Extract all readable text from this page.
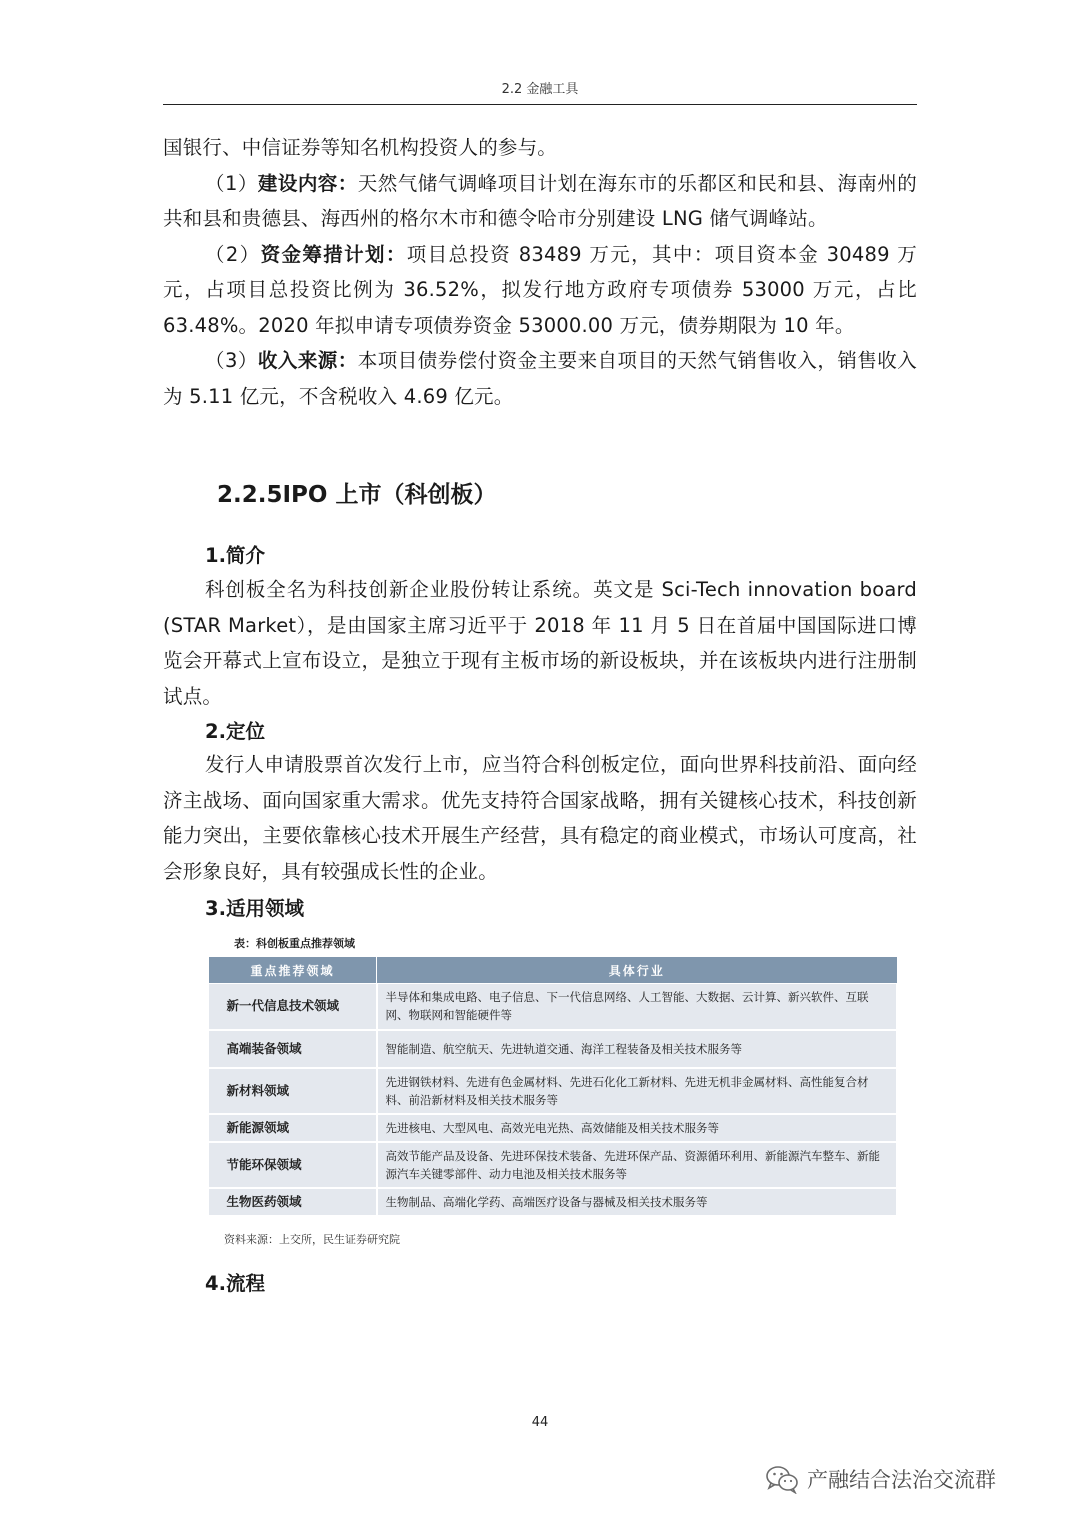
2.2 金融工具

国银行、中信证券等知名机构投资人的参与。

（1）建设内容：天然气储气调峰项目计划在海东市的乐都区和民和县、海南州的共和县和贵德县、海西州的格尔木市和德令哈市分别建设 LNG 储气调峰站。

（2）资金筹措计划：项目总投资 83489 万元，其中：项目资本金 30489 万元，占项目总投资比例为 36.52%，拟发行地方政府专项债券 53000 万元，占比 63.48%。2020 年拟申请专项债券资金 53000.00 万元，债券期限为 10 年。

（3）收入来源：本项目债券偿付资金主要来自项目的天然气销售收入，销售收入为 5.11 亿元，不含税收入 4.69 亿元。

2.2.5IPO 上市（科创板）
1.简介

科创板全名为科技创新企业股份转让系统。英文是 Sci-Tech innovation board (STAR Market），是由国家主席习近平于 2018 年 11 月 5 日在首届中国国际进口博览会开幕式上宣布设立，是独立于现有主板市场的新设板块，并在该板块内进行注册制试点。

2.定位

发行人申请股票首次发行上市，应当符合科创板定位，面向世界科技前沿、面向经济主战场、面向国家重大需求。优先支持符合国家战略，拥有关键核心技术，科技创新能力突出，主要依靠核心技术开展生产经营，具有稳定的商业模式，市场认可度高，社会形象良好，具有较强成长性的企业。

3.适用领域
表：科创板重点推荐领域
重点推荐领域	具体行业
新一代信息技术领域	半导体和集成电路、电子信息、下一代信息网络、人工智能、大数据、云计算、新兴软件、互联网、物联网和智能硬件等
高端装备领域	智能制造、航空航天、先进轨道交通、海洋工程装备及相关技术服务等
新材料领域	先进钢铁材料、先进有色金属材料、先进石化化工新材料、先进无机非金属材料、高性能复合材料、前沿新材料及相关技术服务等
新能源领域	先进核电、大型风电、高效光电光热、高效储能及相关技术服务等
节能环保领域	高效节能产品及设备、先进环保技术装备、先进环保产品、资源循环利用、新能源汽车整车、新能源汽车关键零部件、动力电池及相关技术服务等
生物医药领域	生物制品、高端化学药、高端医疗设备与器械及相关技术服务等
资料来源：上交所，民生证券研究院
4.流程
44
产融结合法治交流群
